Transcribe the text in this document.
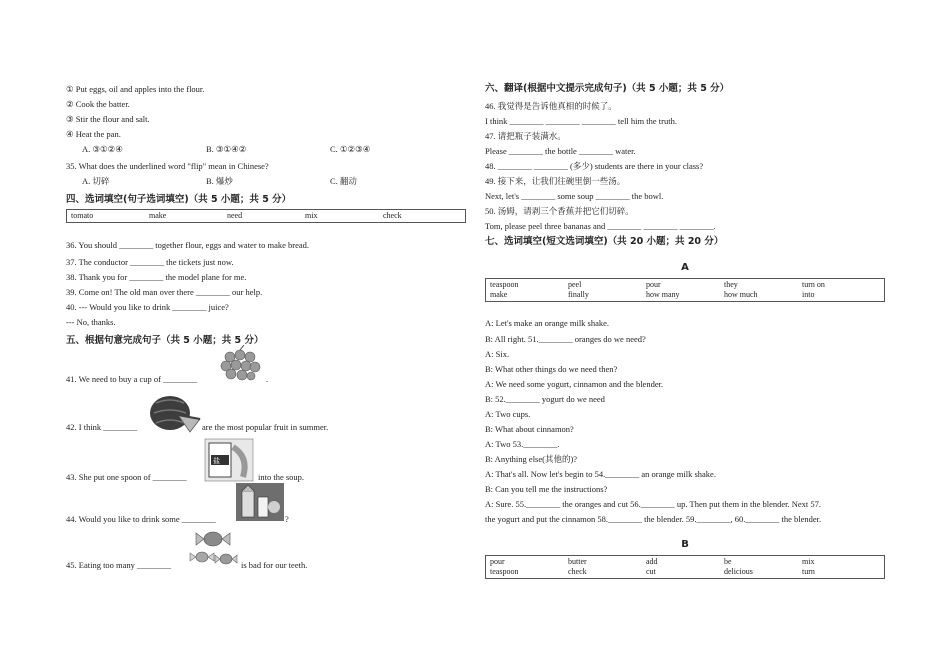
① Put eggs, oil and apples into the flour.
② Cook the batter.
③ Stir the flour and salt.
④ Heat the pan.
A. ③①②④	B. ③①④②	C. ①②③④
35. What does the underlined word "flip" mean in Chinese?
A. 切碎	B. 爆炒	C. 翻动
四、选词填空(句子选词填空)（共 5 小题；共 5 分）
tomato	make	need	mix	check
36. You should ________ together flour, eggs and water to make bread.
37. The conductor ________ the tickets just now.
38. Thank you for ________ the model plane for me.
39. Come on! The old man over there ________ our help.
40. --- Would you like to drink ________ juice?
--- No, thanks.
五、根据句意完成句子（共 5 小题；共 5 分）
41. We need to buy a cup of ________	.
42. I think ________	are the most popular fruit in summer.
43. She put one spoon of ________
盐
into the soup.
44. Would you like to drink some ________	?
45. Eating too many ________	is bad for our teeth.
六、翻译(根据中文提示完成句子)（共 5 小题；共 5 分）
46. 我觉得是告诉他真相的时候了。
I think ________ ________ ________ tell him the truth.
47. 请把瓶子装满水。
Please ________ the bottle ________ water.
48. ________ ________ (多少) students are there in your class?
49. 接下来，让我们往碗里倒一些汤。
Next, let's ________ some soup ________ the bowl.
50. 汤姆，请剥三个香蕉并把它们切碎。
Tom, please peel three bananas and ________ ________ ________.
七、选词填空(短文选词填空)（共 20 小题；共 20 分）
A
teaspoon	peel	pour	they	turn on
make	finally	how many	how much	into
A: Let's make an orange milk shake.
B: All right. 51.________ oranges do we need?
A: Six.
B: What other things do we need then?
A: We need some yogurt, cinnamon and the blender.
B: 52.________ yogurt do we need
A: Two cups.
B: What about cinnamon?
A: Two 53.________.
B: Anything else(其他的)?
A: That's all. Now let's begin to 54.________ an orange milk shake.
B: Can you tell me the instructions?
A: Sure. 55.________ the oranges and cut 56.________ up. Then put them in the blender. Next 57.
the yogurt and put the cinnamon 58.________ the blender. 59.________, 60.________ the blender.
B
pour	butter	add	be	mix
teaspoon	check	cut	delicious	turn
